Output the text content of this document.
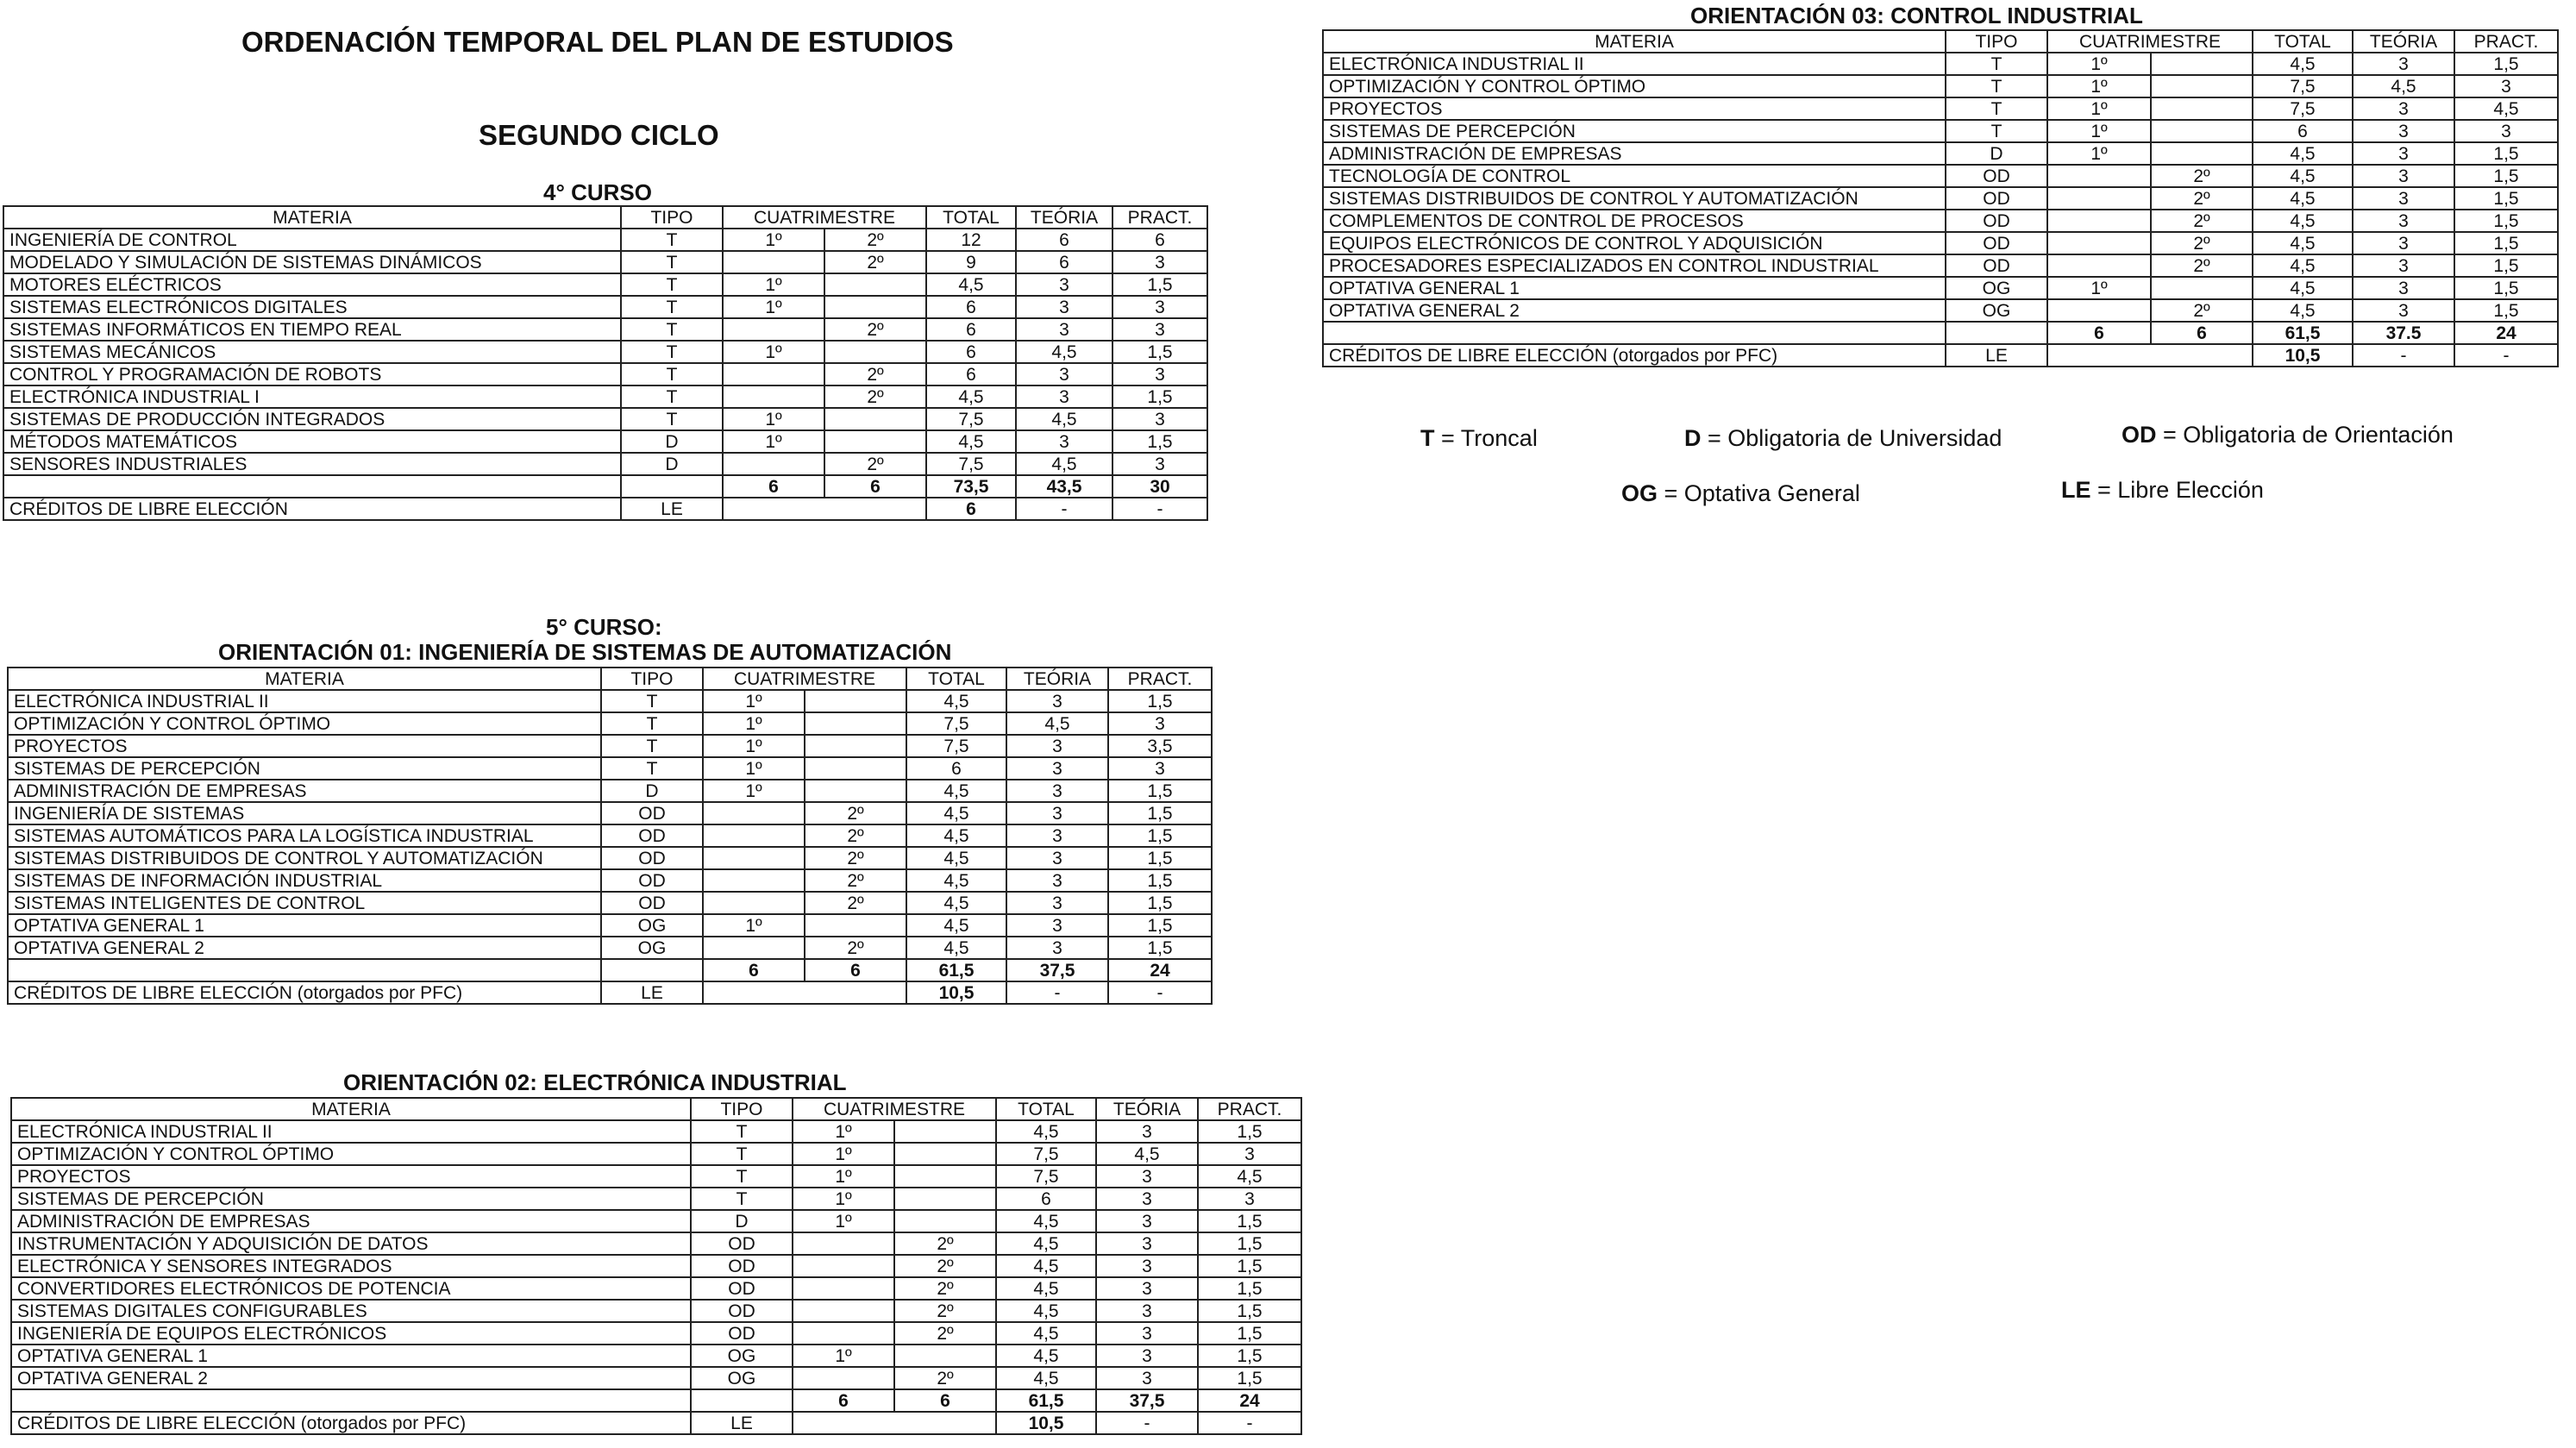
ORDENACIÓN TEMPORAL DEL PLAN DE ESTUDIOS
SEGUNDO CICLO
4° CURSO
MATERIA	TIPO	CUATRIMESTRE		TOTAL	TEÓRIA	PRACT.
INGENIERÍA DE CONTROL	T	1º	2º	12	6	6
MODELADO Y SIMULACIÓN DE SISTEMAS DINÁMICOS	T		2º	9	6	3
MOTORES ELÉCTRICOS	T	1º		4,5	3	1,5
SISTEMAS ELECTRÓNICOS DIGITALES	T	1º		6	3	3
SISTEMAS INFORMÁTICOS EN TIEMPO REAL	T		2º	6	3	3
SISTEMAS MECÁNICOS	T	1º		6	4,5	1,5
CONTROL Y PROGRAMACIÓN DE ROBOTS	T		2º	6	3	3
ELECTRÓNICA INDUSTRIAL I	T		2º	4,5	3	1,5
SISTEMAS DE PRODUCCIÓN INTEGRADOS	T	1º		7,5	4,5	3
MÉTODOS MATEMÁTICOS	D	1º		4,5	3	1,5
SENSORES INDUSTRIALES	D		2º	7,5	4,5	3
		6	6	73,5	43,5	30
CRÉDITOS DE LIBRE ELECCIÓN	LE			6	-	-
5° CURSO:
ORIENTACIÓN 01: INGENIERÍA DE SISTEMAS DE AUTOMATIZACIÓN
MATERIA	TIPO	CUATRIMESTRE		TOTAL	TEÓRIA	PRACT.
ELECTRÓNICA INDUSTRIAL II	T	1º		4,5	3	1,5
OPTIMIZACIÓN Y CONTROL ÓPTIMO	T	1º		7,5	4,5	3
PROYECTOS	T	1º		7,5	3	3,5
SISTEMAS DE PERCEPCIÓN	T	1º		6	3	3
ADMINISTRACIÓN DE EMPRESAS	D	1º		4,5	3	1,5
INGENIERÍA DE SISTEMAS	OD		2º	4,5	3	1,5
SISTEMAS AUTOMÁTICOS PARA LA LOGÍSTICA INDUSTRIAL	OD		2º	4,5	3	1,5
SISTEMAS DISTRIBUIDOS DE CONTROL Y AUTOMATIZACIÓN	OD		2º	4,5	3	1,5
SISTEMAS DE INFORMACIÓN INDUSTRIAL	OD		2º	4,5	3	1,5
SISTEMAS INTELIGENTES DE CONTROL	OD		2º	4,5	3	1,5
OPTATIVA GENERAL 1	OG	1º		4,5	3	1,5
OPTATIVA GENERAL 2	OG		2º	4,5	3	1,5
		6	6	61,5	37,5	24
CRÉDITOS DE LIBRE ELECCIÓN (otorgados por PFC)	LE			10,5	-	-
ORIENTACIÓN 02: ELECTRÓNICA INDUSTRIAL
MATERIA	TIPO	CUATRIMESTRE		TOTAL	TEÓRIA	PRACT.
ELECTRÓNICA INDUSTRIAL II	T	1º		4,5	3	1,5
OPTIMIZACIÓN Y CONTROL ÓPTIMO	T	1º		7,5	4,5	3
PROYECTOS	T	1º		7,5	3	4,5
SISTEMAS DE PERCEPCIÓN	T	1º		6	3	3
ADMINISTRACIÓN DE EMPRESAS	D	1º		4,5	3	1,5
INSTRUMENTACIÓN Y ADQUISICIÓN DE DATOS	OD		2º	4,5	3	1,5
ELECTRÓNICA Y SENSORES INTEGRADOS	OD		2º	4,5	3	1,5
CONVERTIDORES ELECTRÓNICOS DE POTENCIA	OD		2º	4,5	3	1,5
SISTEMAS DIGITALES CONFIGURABLES	OD		2º	4,5	3	1,5
INGENIERÍA DE EQUIPOS ELECTRÓNICOS	OD		2º	4,5	3	1,5
OPTATIVA GENERAL 1	OG	1º		4,5	3	1,5
OPTATIVA GENERAL 2	OG		2º	4,5	3	1,5
		6	6	61,5	37,5	24
CRÉDITOS DE LIBRE ELECCIÓN (otorgados por PFC)	LE			10,5	-	-
ORIENTACIÓN 03: CONTROL INDUSTRIAL
MATERIA	TIPO	CUATRIMESTRE		TOTAL	TEÓRIA	PRACT.
ELECTRÓNICA INDUSTRIAL II	T	1º		4,5	3	1,5
OPTIMIZACIÓN Y CONTROL ÓPTIMO	T	1º		7,5	4,5	3
PROYECTOS	T	1º		7,5	3	4,5
SISTEMAS DE PERCEPCIÓN	T	1º		6	3	3
ADMINISTRACIÓN DE EMPRESAS	D	1º		4,5	3	1,5
TECNOLOGÍA DE CONTROL	OD		2º	4,5	3	1,5
SISTEMAS DISTRIBUIDOS DE CONTROL Y AUTOMATIZACIÓN	OD		2º	4,5	3	1,5
COMPLEMENTOS DE CONTROL DE PROCESOS	OD		2º	4,5	3	1,5
EQUIPOS ELECTRÓNICOS DE CONTROL Y ADQUISICIÓN	OD		2º	4,5	3	1,5
PROCESADORES ESPECIALIZADOS EN CONTROL INDUSTRIAL	OD		2º	4,5	3	1,5
OPTATIVA GENERAL 1	OG	1º		4,5	3	1,5
OPTATIVA GENERAL 2	OG		2º	4,5	3	1,5
		6	6	61,5	37.5	24
CRÉDITOS DE LIBRE ELECCIÓN (otorgados por PFC)	LE			10,5	-	-
T = Troncal	D = Obligatoria de Universidad	OD = Obligatoria de Orientación
OG = Optativa General	LE = Libre Elección
